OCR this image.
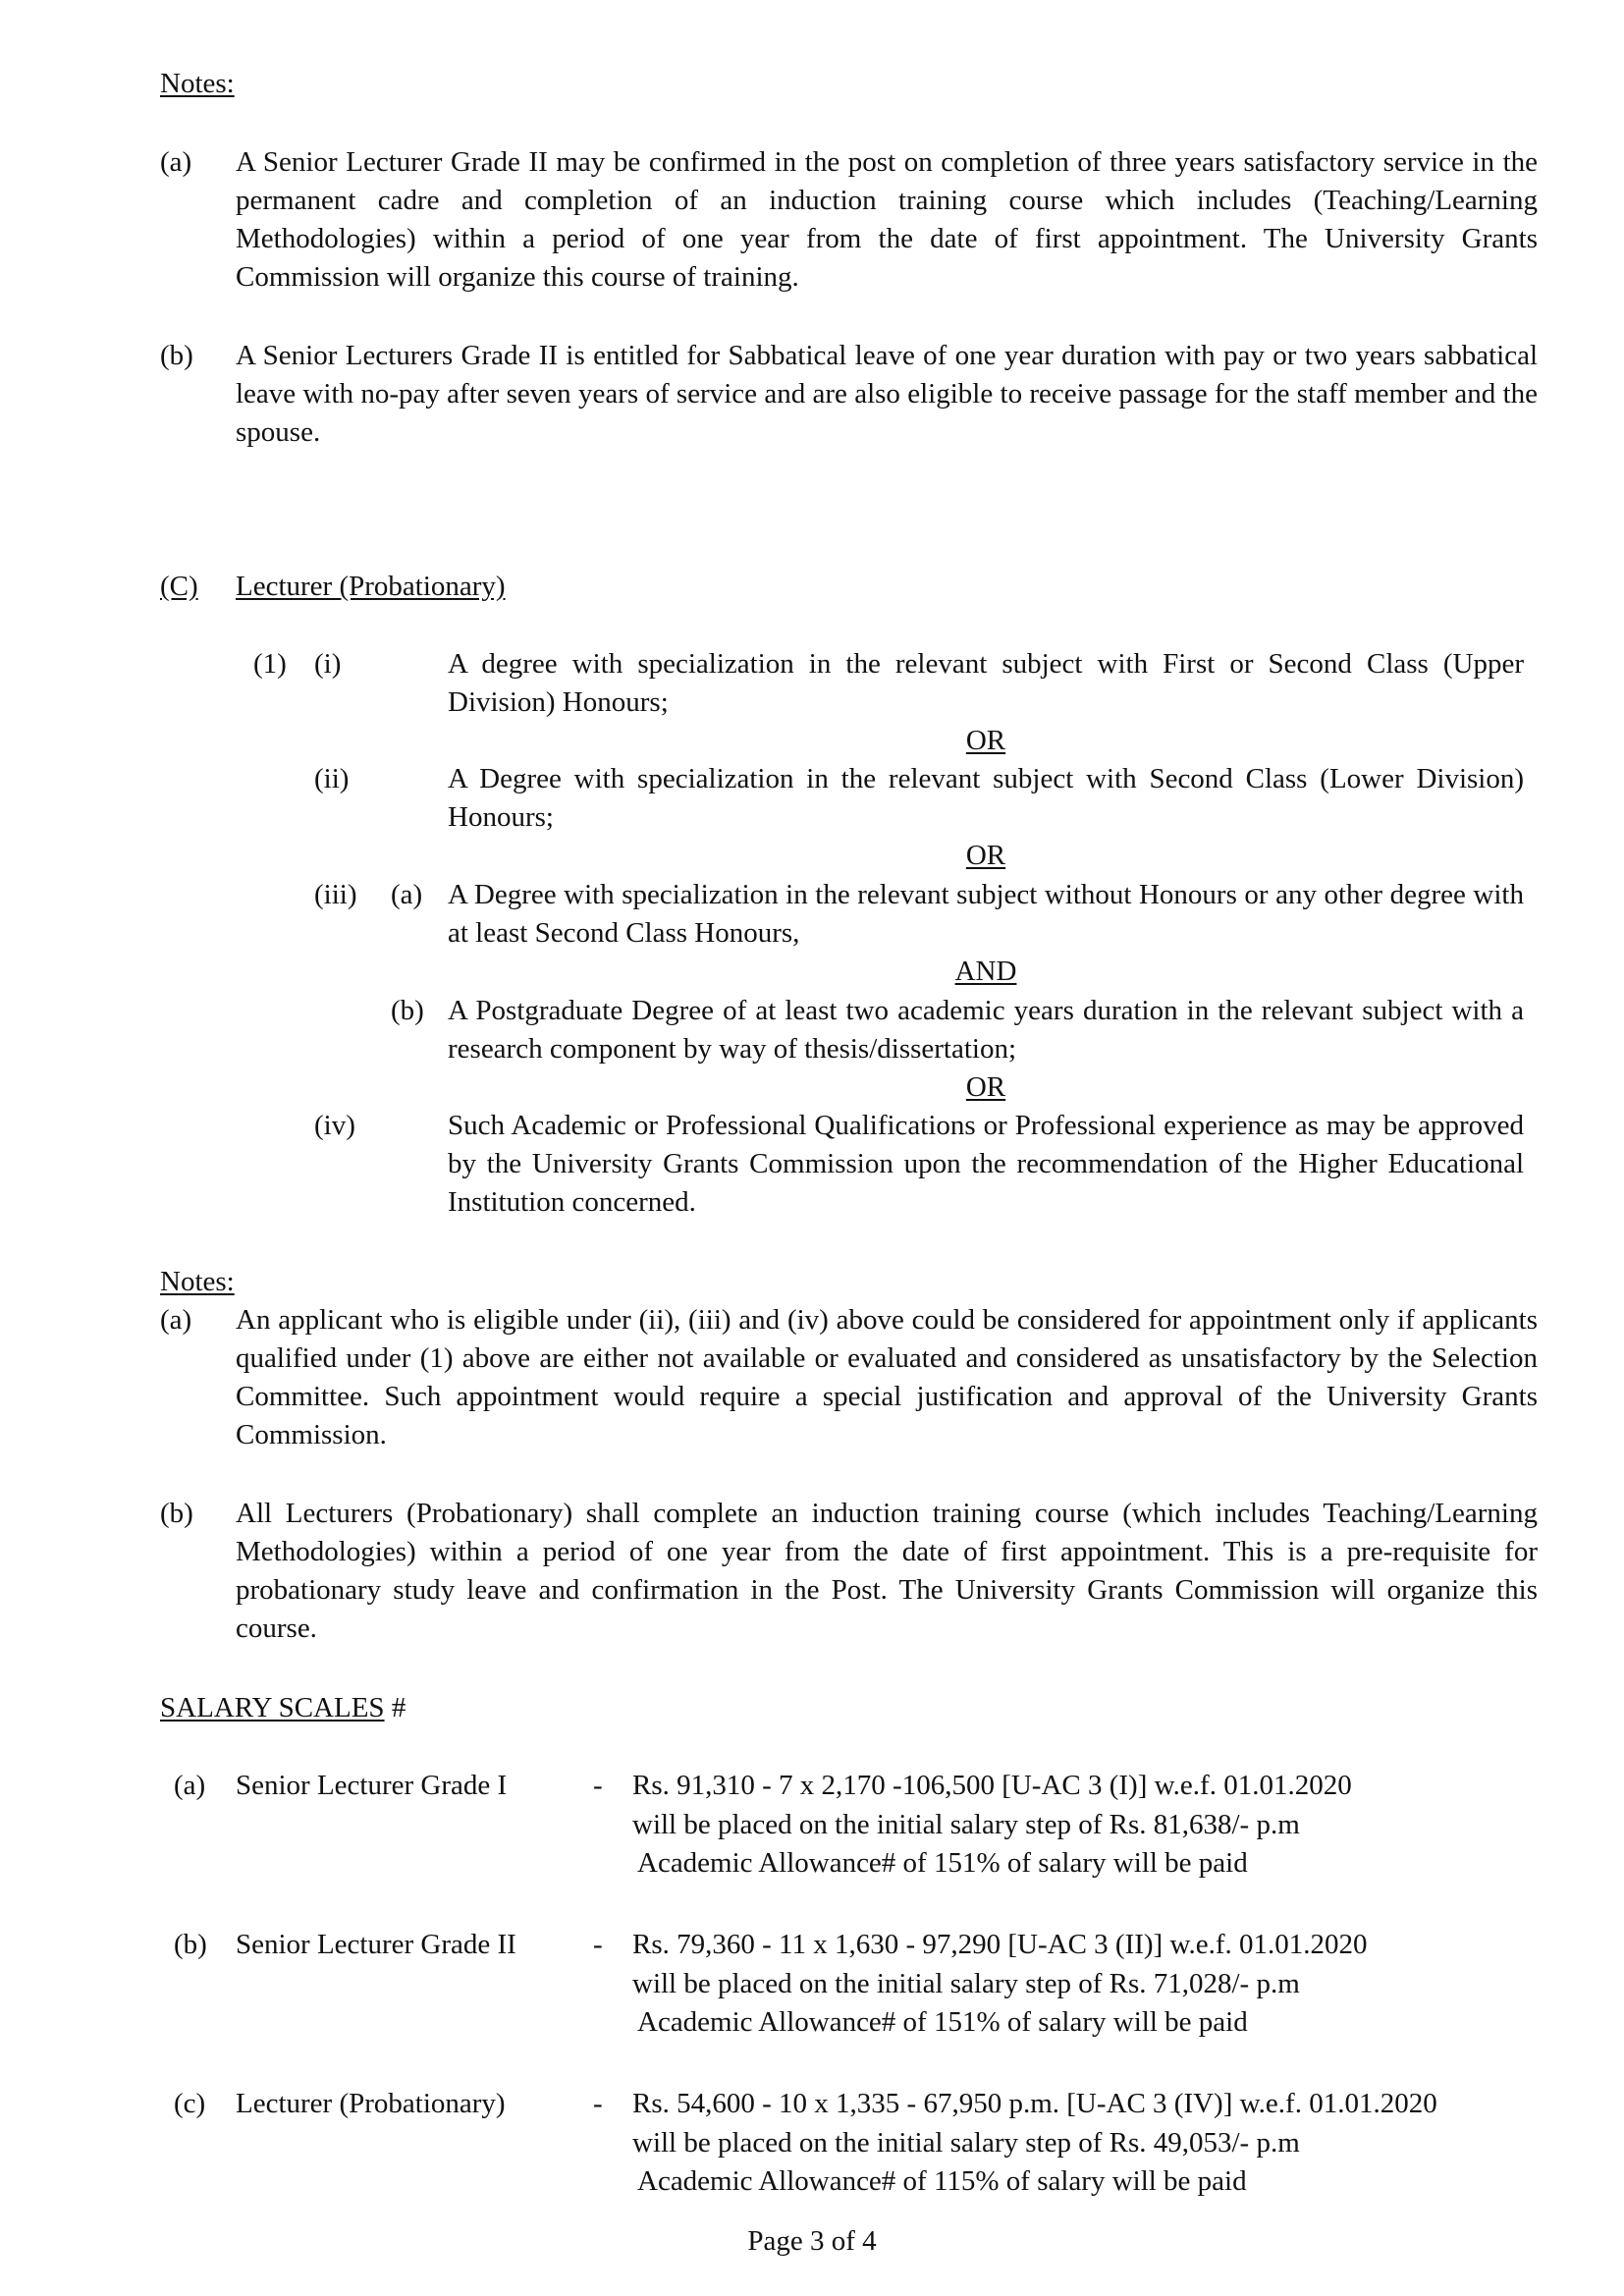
Notes:
(a) A Senior Lecturer Grade II may be confirmed in the post on completion of three years satisfactory service in the permanent cadre and completion of an induction training course which includes (Teaching/Learning Methodologies) within a period of one year from the date of first appointment. The University Grants Commission will organize this course of training.
(b) A Senior Lecturers Grade II is entitled for Sabbatical leave of one year duration with pay or two years sabbatical leave with no-pay after seven years of service and are also eligible to receive passage for the staff member and the spouse.
(C) Lecturer (Probationary)
(1) (i)	A degree with specialization in the relevant subject with First or Second Class (Upper Division) Honours;
OR
(ii)	A Degree with specialization in the relevant subject with Second Class (Lower Division) Honours;
OR
(iii) (a) A Degree with specialization in the relevant subject without Honours or any other degree with at least Second Class Honours,
AND
(b) A Postgraduate Degree of at least two academic years duration in the relevant subject with a research component by way of thesis/dissertation;
OR
(iv)	Such Academic or Professional Qualifications or Professional experience as may be approved by the University Grants Commission upon the recommendation of the Higher Educational Institution concerned.
Notes:
(a) An applicant who is eligible under (ii), (iii) and (iv) above could be considered for appointment only if applicants qualified under (1) above are either not available or evaluated and considered as unsatisfactory by the Selection Committee. Such appointment would require a special justification and approval of the University Grants Commission.
(b) All Lecturers (Probationary) shall complete an induction training course (which includes Teaching/Learning Methodologies) within a period of one year from the date of first appointment. This is a pre-requisite for probationary study leave and confirmation in the Post. The University Grants Commission will organize this course.
SALARY SCALES #
(a) Senior Lecturer Grade I	- Rs. 91,310 - 7 x 2,170 -106,500 [U-AC 3 (I)] w.e.f. 01.01.2020
will be placed on the initial salary step of Rs. 81,638/- p.m
Academic Allowance# of 151% of salary will be paid
(b) Senior Lecturer Grade II	- Rs. 79,360 - 11 x 1,630 - 97,290 [U-AC 3 (II)] w.e.f. 01.01.2020
will be placed on the initial salary step of Rs. 71,028/- p.m
Academic Allowance# of 151% of salary will be paid
(c) Lecturer (Probationary)	- Rs. 54,600 - 10 x 1,335 - 67,950 p.m. [U-AC 3 (IV)] w.e.f. 01.01.2020
will be placed on the initial salary step of Rs. 49,053/- p.m
Academic Allowance# of 115% of salary will be paid
Page 3 of 4
